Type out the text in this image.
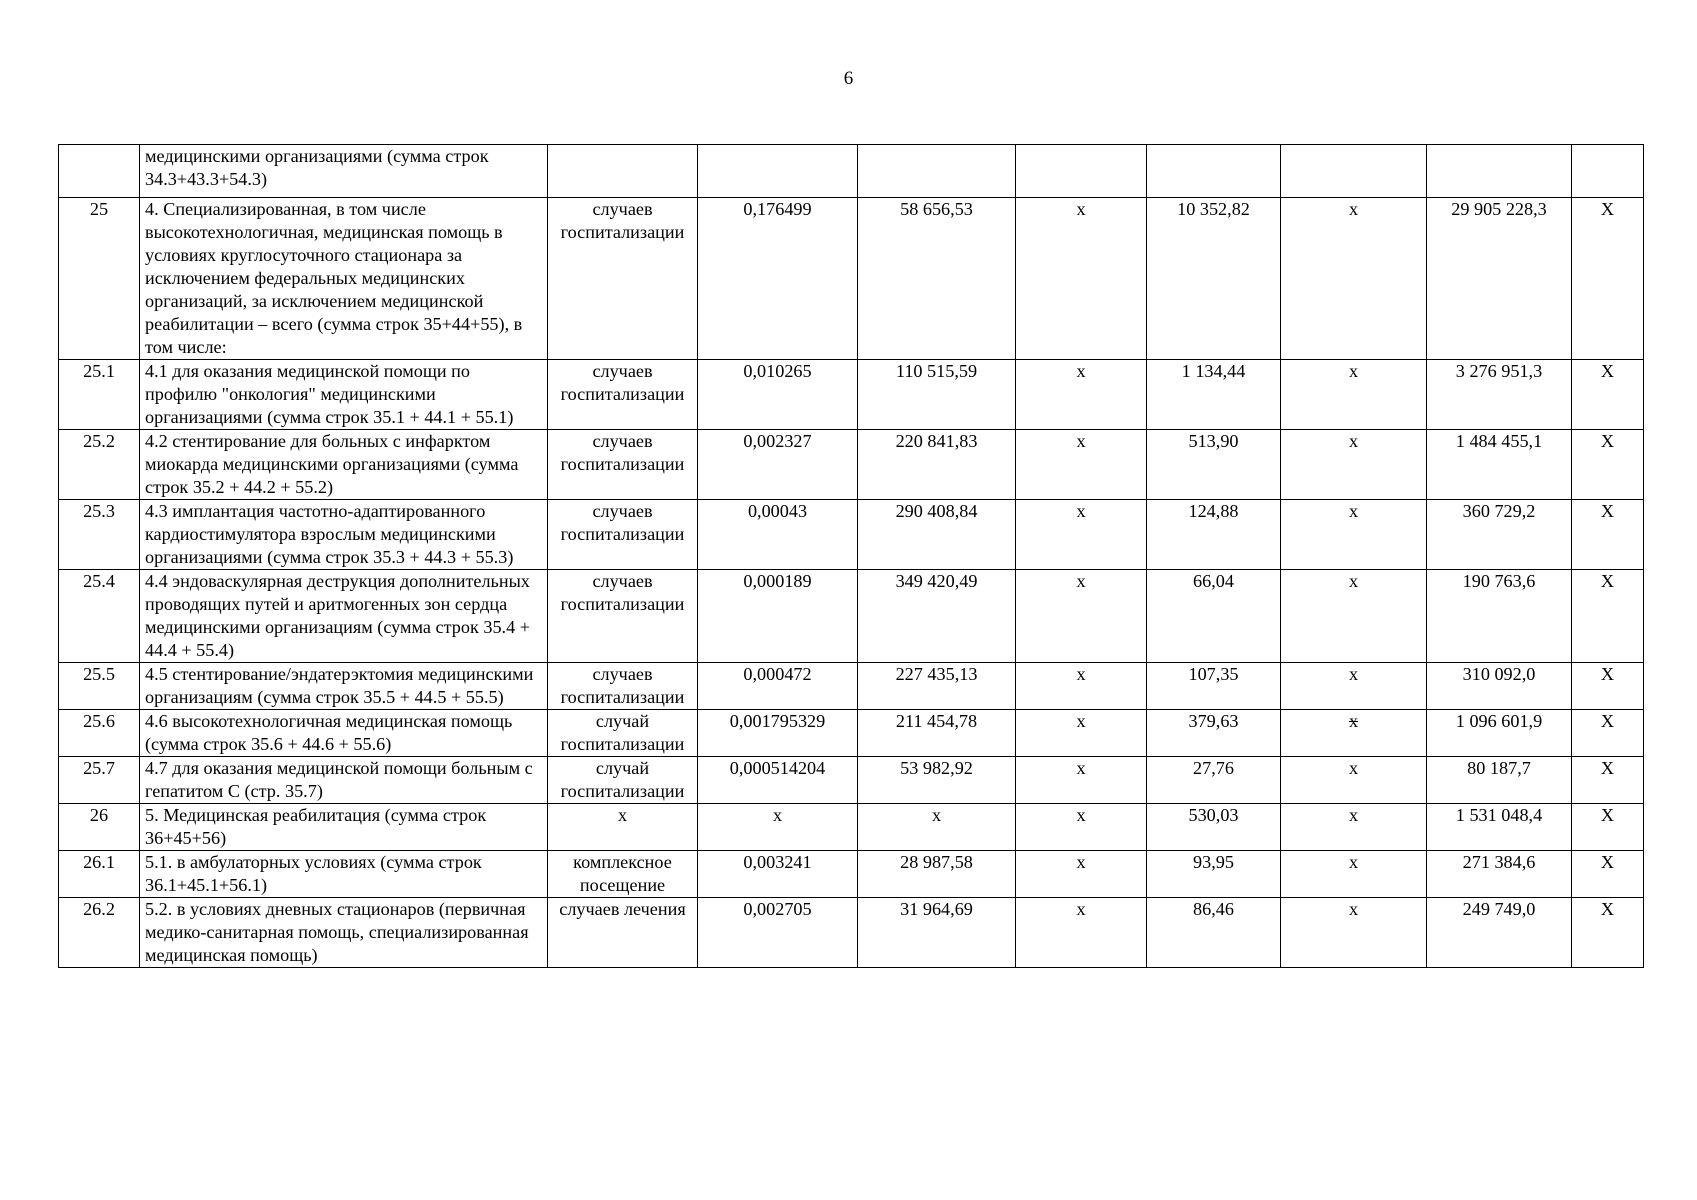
6
	медицинскими организациями (сумма строк 34.3+43.3+54.3)								
25	4. Специализированная, в том числе высокотехнологичная, медицинская помощь в условиях круглосуточного стационара за исключением федеральных медицинских организаций, за исключением медицинской реабилитации – всего (сумма строк 35+44+55), в том числе:	случаев госпитализации	0,176499	58 656,53	х	10 352,82	х	29 905 228,3	Х
25.1	4.1 для оказания медицинской помощи по профилю "онкология" медицинскими организациями (сумма строк 35.1 + 44.1 + 55.1)	случаев госпитализации	0,010265	110 515,59	х	1 134,44	х	3 276 951,3	Х
25.2	4.2 стентирование для больных с инфарктом миокарда медицинскими организациями (сумма строк 35.2 + 44.2 + 55.2)	случаев госпитализации	0,002327	220 841,83	х	513,90	х	1 484 455,1	Х
25.3	4.3 имплантация частотно-адаптированного кардиостимулятора взрослым медицинскими организациями (сумма строк 35.3 + 44.3 + 55.3)	случаев госпитализации	0,00043	290 408,84	х	124,88	х	360 729,2	Х
25.4	4.4 эндоваскулярная деструкция дополнительных проводящих путей и аритмогенных зон сердца медицинскими организациям (сумма строк 35.4 + 44.4 + 55.4)	случаев госпитализации	0,000189	349 420,49	х	66,04	х	190 763,6	Х
25.5	4.5 стентирование/эндатерэктомия медицинскими организациям (сумма строк 35.5 + 44.5 + 55.5)	случаев госпитализации	0,000472	227 435,13	х	107,35	х	310 092,0	Х
25.6	4.6 высокотехнологичная медицинская помощь (сумма строк 35.6 + 44.6 + 55.6)	случай госпитализации	0,001795329	211 454,78	х	379,63	х	1 096 601,9	Х
25.7	4.7 для оказания медицинской помощи больным с гепатитом С (стр. 35.7)	случай госпитализации	0,000514204	53 982,92	х	27,76	х	80 187,7	Х
26	5. Медицинская реабилитация (сумма строк 36+45+56)	х	х	х	х	530,03	х	1 531 048,4	Х
26.1	5.1. в амбулаторных условиях (сумма строк 36.1+45.1+56.1)	комплексное посещение	0,003241	28 987,58	х	93,95	х	271 384,6	Х
26.2	5.2. в условиях дневных стационаров (первичная медико-санитарная помощь, специализированная медицинская помощь)	случаев лечения	0,002705	31 964,69	х	86,46	х	249 749,0	Х
